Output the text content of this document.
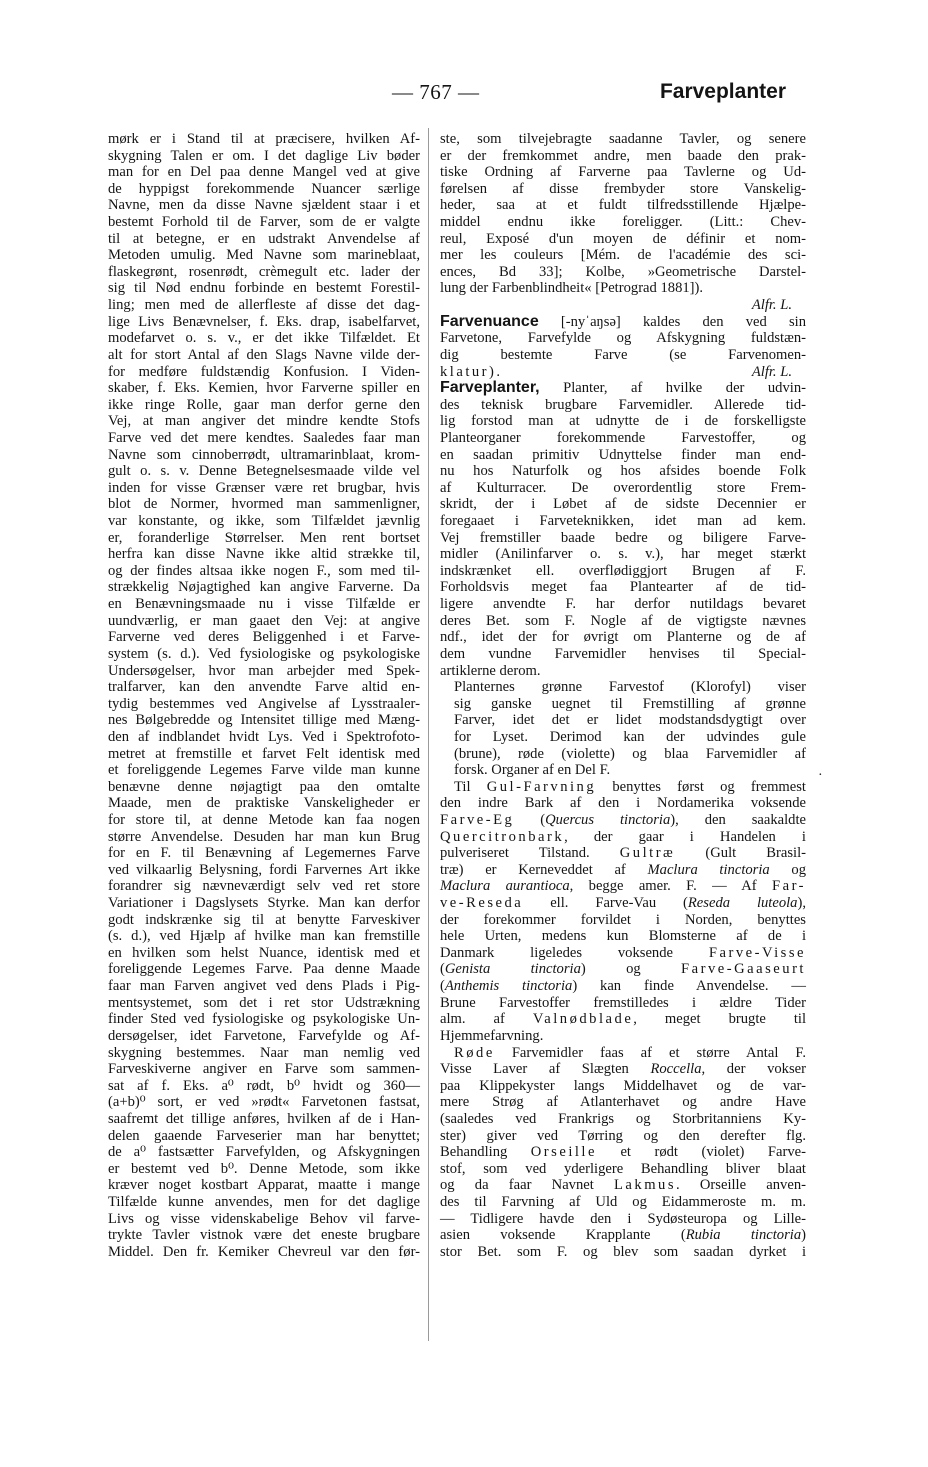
— 767 —	Farveplanter
mørk er i Stand til at præcisere, hvilken Af-
skygning Talen er om. I det daglige Liv bøder
man for en Del paa denne Mangel ved at give
de hyppigst forekommende Nuancer særlige
Navne, men da disse Navne sjældent staar i et
bestemt Forhold til de Farver, som de er valgte
til at betegne, er en udstrakt Anvendelse af
Metoden umulig. Med Navne som marineblaat,
flaskegrønt, rosenrødt, crèmegult etc. lader der
sig til Nød endnu forbinde en bestemt Forestil-
ling; men med de allerfleste af disse det dag-
lige Livs Benævnelser, f. Eks. drap, isabelfarvet,
modefarvet o. s. v., er det ikke Tilfældet. Et
alt for stort Antal af den Slags Navne vilde der-
for medføre fuldstændig Konfusion. I Viden-
skaber, f. Eks. Kemien, hvor Farverne spiller en
ikke ringe Rolle, gaar man derfor gerne den
Vej, at man angiver det mindre kendte Stofs
Farve ved det mere kendtes. Saaledes faar man
Navne som cinnoberrødt, ultramarinblaat, krom-
gult o. s. v. Denne Betegnelsesmaade vilde vel
inden for visse Grænser være ret brugbar, hvis
blot de Normer, hvormed man sammenligner,
var konstante, og ikke, som Tilfældet jævnlig
er, foranderlige Størrelser. Men rent bortset
herfra kan disse Navne ikke altid strække til,
og der findes altsaa ikke nogen F., som med til-
strækkelig Nøjagtighed kan angive Farverne. Da
en Benævningsmaade nu i visse Tilfælde er
uundværlig, er man gaaet den Vej: at angive
Farverne ved deres Beliggenhed i et Farve-
system (s. d.). Ved fysiologiske og psykologiske
Undersøgelser, hvor man arbejder med Spek-
tralfarver, kan den anvendte Farve altid en-
tydig bestemmes ved Angivelse af Lysstraaler-
nes Bølgebredde og Intensitet tillige med Mæng-
den af indblandet hvidt Lys. Ved i Spektrofoto-
metret at fremstille et farvet Felt identisk med
et foreliggende Legemes Farve vilde man kunne
benævne denne nøjagtigt paa den omtalte
Maade, men de praktiske Vanskeligheder er
for store til, at denne Metode kan faa nogen
større Anvendelse. Desuden har man kun Brug
for en F. til Benævning af Legemernes Farve
ved vilkaarlig Belysning, fordi Farvernes Art ikke
forandrer sig nævneværdigt selv ved ret store
Variationer i Dagslysets Styrke. Man kan derfor
godt indskrænke sig til at benytte Farveskiver
(s. d.), ved Hjælp af hvilke man kan fremstille
en hvilken som helst Nuance, identisk med et
foreliggende Legemes Farve. Paa denne Maade
faar man Farven angivet ved dens Plads i Pig-
mentsystemet, som det i ret stor Udstrækning
finder Sted ved fysiologiske og psykologiske Un-
dersøgelser, idet Farvetone, Farvefylde og Af-
skygning bestemmes. Naar man nemlig ved
Farveskiverne angiver en Farve som sammen-
sat af f. Eks. a⁰ rødt, b⁰ hvidt og 360—
(a+b)⁰ sort, er ved »rødt« Farvetonen fastsat,
saafremt det tillige anføres, hvilken af de i Han-
delen gaaende Farveserier man har benyttet;
de a⁰ fastsætter Farvefylden, og Afskygningen
er bestemt ved b⁰. Denne Metode, som ikke
kræver noget kostbart Apparat, maatte i mange
Tilfælde kunne anvendes, men for det daglige
Livs og visse videnskabelige Behov vil farve-
trykte Tavler vistnok være det eneste brugbare
Middel. Den fr. Kemiker Chevreul var den før-
ste, som tilvejebragte saadanne Tavler, og senere
er der fremkommet andre, men baade den prak-
tiske Ordning af Farverne paa Tavlerne og Ud-
førelsen af disse frembyder store Vanskelig-
heder, saa at et fuldt tilfredsstillende Hjælpe-
middel endnu ikke foreligger. (Litt.: Chev-
reul, Exposé d'un moyen de définir et nom-
mer les couleurs [Mém. de l'académie des sci-
ences, Bd 33]; Kolbe, »Geometrische Darstel-
lung der Farbenblindheit« [Petrograd 1881]).
Alfr. L.
Farvenuance [-nyˈaŋsə] kaldes den ved sin
Farvetone, Farvefylde og Afskygning fuldstæn-
dig bestemte Farve (se Farvenomen-
klatur).	Alfr. L.
Farveplanter, Planter, af hvilke der udvin-
des teknisk brugbare Farvemidler. Allerede tid-
lig forstod man at udnytte de i de forskelligste
Planteorganer forekommende Farvestoffer, og
en saadan primitiv Udnyttelse finder man end-
nu hos Naturfolk og hos afsides boende Folk
af Kulturracer. De overordentlig store Frem-
skridt, der i Løbet af de sidste Decennier er
foregaaet i Farveteknikken, idet man ad kem.
Vej fremstiller baade bedre og biligere Farve-
midler (Anilinfarver o. s. v.), har meget stærkt
indskrænket ell. overflødiggjort Brugen af F.
Forholdsvis meget faa Plantearter af de tid-
ligere anvendte F. har derfor nutildags bevaret
deres Bet. som F. Nogle af de vigtigste nævnes
ndf., idet der for øvrigt om Planterne og de af
dem vundne Farvemidler henvises til Special-
artiklerne derom.
Planternes grønne Farvestof (Klorofyl) viser
sig ganske uegnet til Fremstilling af grønne
Farver, idet det er lidet modstandsdygtigt over
for Lyset. Derimod kan der udvindes gule
(brune), røde (violette) og blaa Farvemidler af
forsk. Organer af en Del F.
Til Gul-Farvning benyttes først og fremmest
den indre Bark af den i Nordamerika voksende
Farve-Eg (Quercus tinctoria), den saakaldte
Quercitronbark, der gaar i Handelen i
pulveriseret Tilstand. Gultræ (Gult Brasil-
træ) er Kerneveddet af Maclura tinctoria og
Maclura aurantioca, begge amer. F. — Af Far-
ve-Reseda ell. Farve-Vau (Reseda luteola),
der forekommer forvildet i Norden, benyttes
hele Urten, medens kun Blomsterne af de i
Danmark ligeledes voksende Farve-Visse
(Genista tinctoria) og Farve-Gaaseurt
(Anthemis tinctoria) kan finde Anvendelse. —
Brune Farvestoffer fremstilledes i ældre Tider
alm. af Valnødblade, meget brugte til
Hjemmefarvning.
Røde Farvemidler faas af et større Antal F.
Visse Laver af Slægten Roccella, der vokser
paa Klippekyster langs Middelhavet og de var-
mere Strøg af Atlanterhavet og andre Have
(saaledes ved Frankrigs og Storbritanniens Ky-
ster) giver ved Tørring og den derefter flg.
Behandling Orseille et rødt (violet) Farve-
stof, som ved yderligere Behandling bliver blaat
og da faar Navnet Lakmus. Orseille anven-
des til Farvning af Uld og Eidammeroste m. m.
— Tidligere havde den i Sydøsteuropa og Lille-
asien voksende Krapplante (Rubia tinctoria)
stor Bet. som F. og blev som saadan dyrket i
·
